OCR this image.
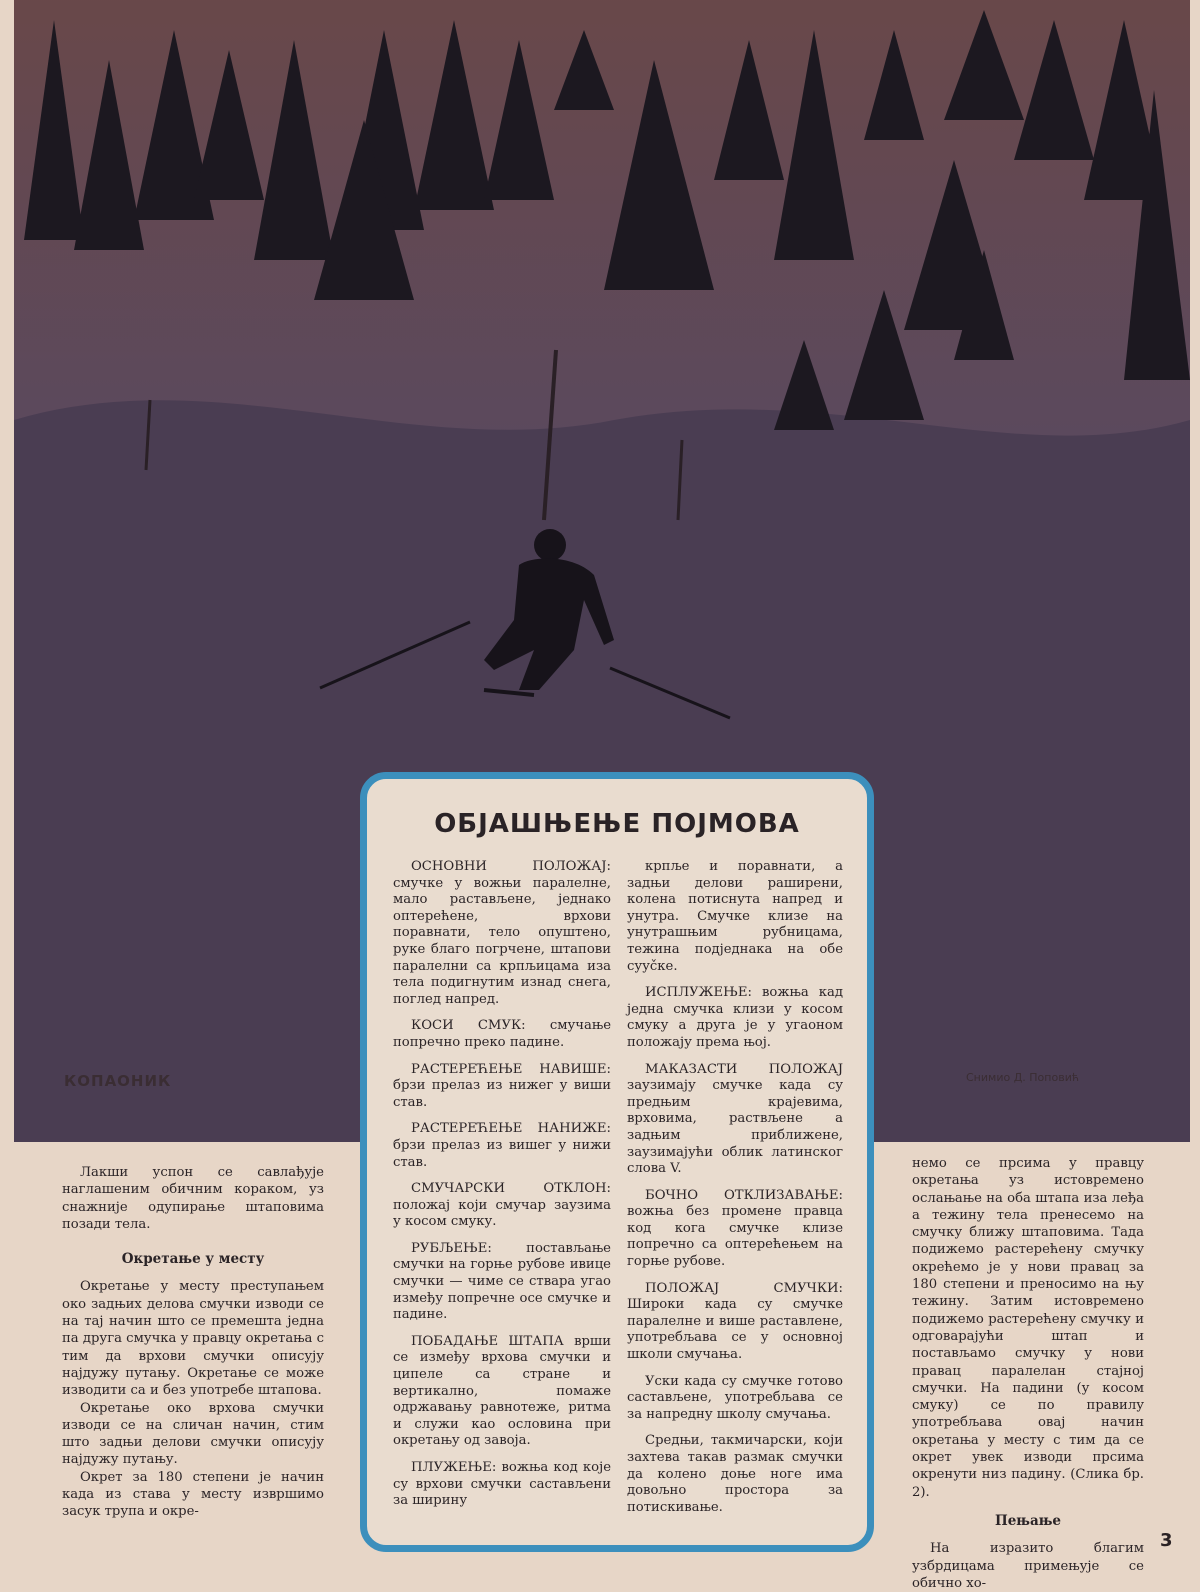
КОПАОНИК	Снимио Д. Поповић

Лакши успон се савлађује наглашеним обичним кораком, уз снажније одупирање штаповима позади тела.

Окретање у месту

Окретање у месту преступањем око задњих делова смучки изводи се на тај начин што се премешта једна па друга смучка у правцу окретања с тим да врхови смучки описују најдужу путању. Окретање се може изводити са и без употребе штапова.

Окретање око врхова смучки изводи се на сличан начин, стим што задњи делови смучки описују најдужу путању.

Окрет за 180 степени је начин када из става у месту извршимо засук трупа и окре-

ОБЈАШЊЕЊЕ ПОЈМОВА

ОСНОВНИ ПОЛОЖАЈ: смучке у вожњи паралелне, мало растављене, једнако оптерећене, врхови поравнати, тело опуштено, руке благо погрчене, штапови паралелни са крпљицама иза тела подигнутим изнад снега, поглед напред.

КОСИ СМУК: смучање попречно преко падине.

РАСТЕРЕЋЕЊЕ НАВИШЕ: брзи прелаз из нижег у виши став.

РАСТЕРЕЋЕЊЕ НАНИЖЕ: брзи прелаз из вишег у нижи став.

СМУЧАРСКИ ОТКЛОН: положај који смучар заузима у косом смуку.

РУБЉЕЊЕ: постављање смучки на горње рубове ивице смучки — чиме се ствара угао између попречне осе смучке и падине.

ПОБАДАЊЕ ШТАПА врши се између врхова смучки и ципеле са стране и вертикално, помаже одржавању равнотеже, ритма и служи као ословина при окретању од завоја.

ПЛУЖЕЊЕ: вожња код које су врхови смучки састављени за ширину

крпље и поравнати, а задњи делови раширени, колена потиснута напред и унутра. Смучке клизе на унутрашњим рубницама, тежина подједнака на обе сууčке.

ИСПЛУЖЕЊЕ: вожња кад једна смучка клизи у косом смуку а друга је у угаоном положају према њој.

МАКАЗАСТИ ПОЛОЖАЈ заузимају смучке када су предњим крајевима, врховима, раствљене а задњим приближене, заузимајући облик латинског слова V.

БОЧНО ОТКЛИЗАВАЊЕ: вожња без промене правца код кога смучке клизе попречно са оптерећењем на горње рубове.

ПОЛОЖАЈ СМУЧКИ: Широки када су смучке паралелне и више раставлене, употребљава се у основној школи смучања.

Уски када су смучке готово састављене, употребљава се за напредну школу смучања.

Средњи, такмичарски, који захтева такав размак смучки да колено доње ноге има довољно простора за потискивање.

немо се прсима у правцу окретања уз истовремено ослањање на оба штапа иза леђа а тежину тела пренесемо на смучку ближу штаповима. Тада подижемо растерећену смучку окрећемо је у нови правац за 180 степени и преносимо на њу тежину. Затим истовремено подижемо растерећену смучку и одговарајући штап и постављамо смучку у нови правац паралелан стајној смучки. На падини (у косом смуку) се по правилу употребљава овај начин окретања у месту с тим да се окрет увек изводи прсима окренути низ падину. (Слика бр. 2).

Пењање

На изразито благим узбрдицама примењује се обично хо-

3
